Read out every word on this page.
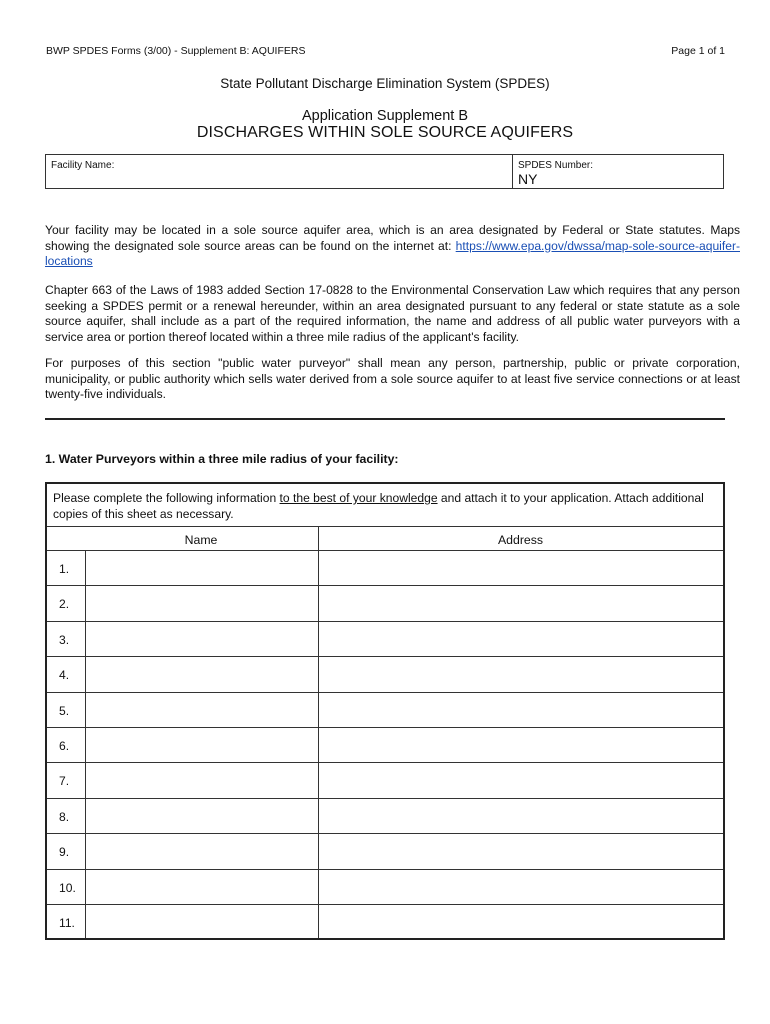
BWP SPDES Forms (3/00) - Supplement B: AQUIFERS	Page 1 of 1
State Pollutant Discharge Elimination System (SPDES)
Application Supplement B
DISCHARGES WITHIN SOLE SOURCE AQUIFERS
Facility Name:	SPDES Number:
NY
Your facility may be located in a sole source aquifer area, which is an area designated by Federal or State statutes. Maps showing the designated sole source areas can be found on the internet at: https://www.epa.gov/dwssa/map-sole-source-aquifer-locations
Chapter 663 of the Laws of 1983 added Section 17-0828 to the Environmental Conservation Law which requires that any person seeking a SPDES permit or a renewal hereunder, within an area designated pursuant to any federal or state statute as a sole source aquifer, shall include as a part of the required information, the name and address of all public water purveyors with a service area or portion thereof located within a three mile radius of the applicant's facility.
For purposes of this section "public water purveyor" shall mean any person, partnership, public or private corporation, municipality, or public authority which sells water derived from a sole source aquifer to at least five service connections or at least twenty-five individuals.
1. Water Purveyors within a three mile radius of your facility:
Please complete the following information to the best of your knowledge and attach it to your application. Attach additional copies of this sheet as necessary.
Name	Address
1.
2.
3.
4.
5.
6.
7.
8.
9.
10.
11.
